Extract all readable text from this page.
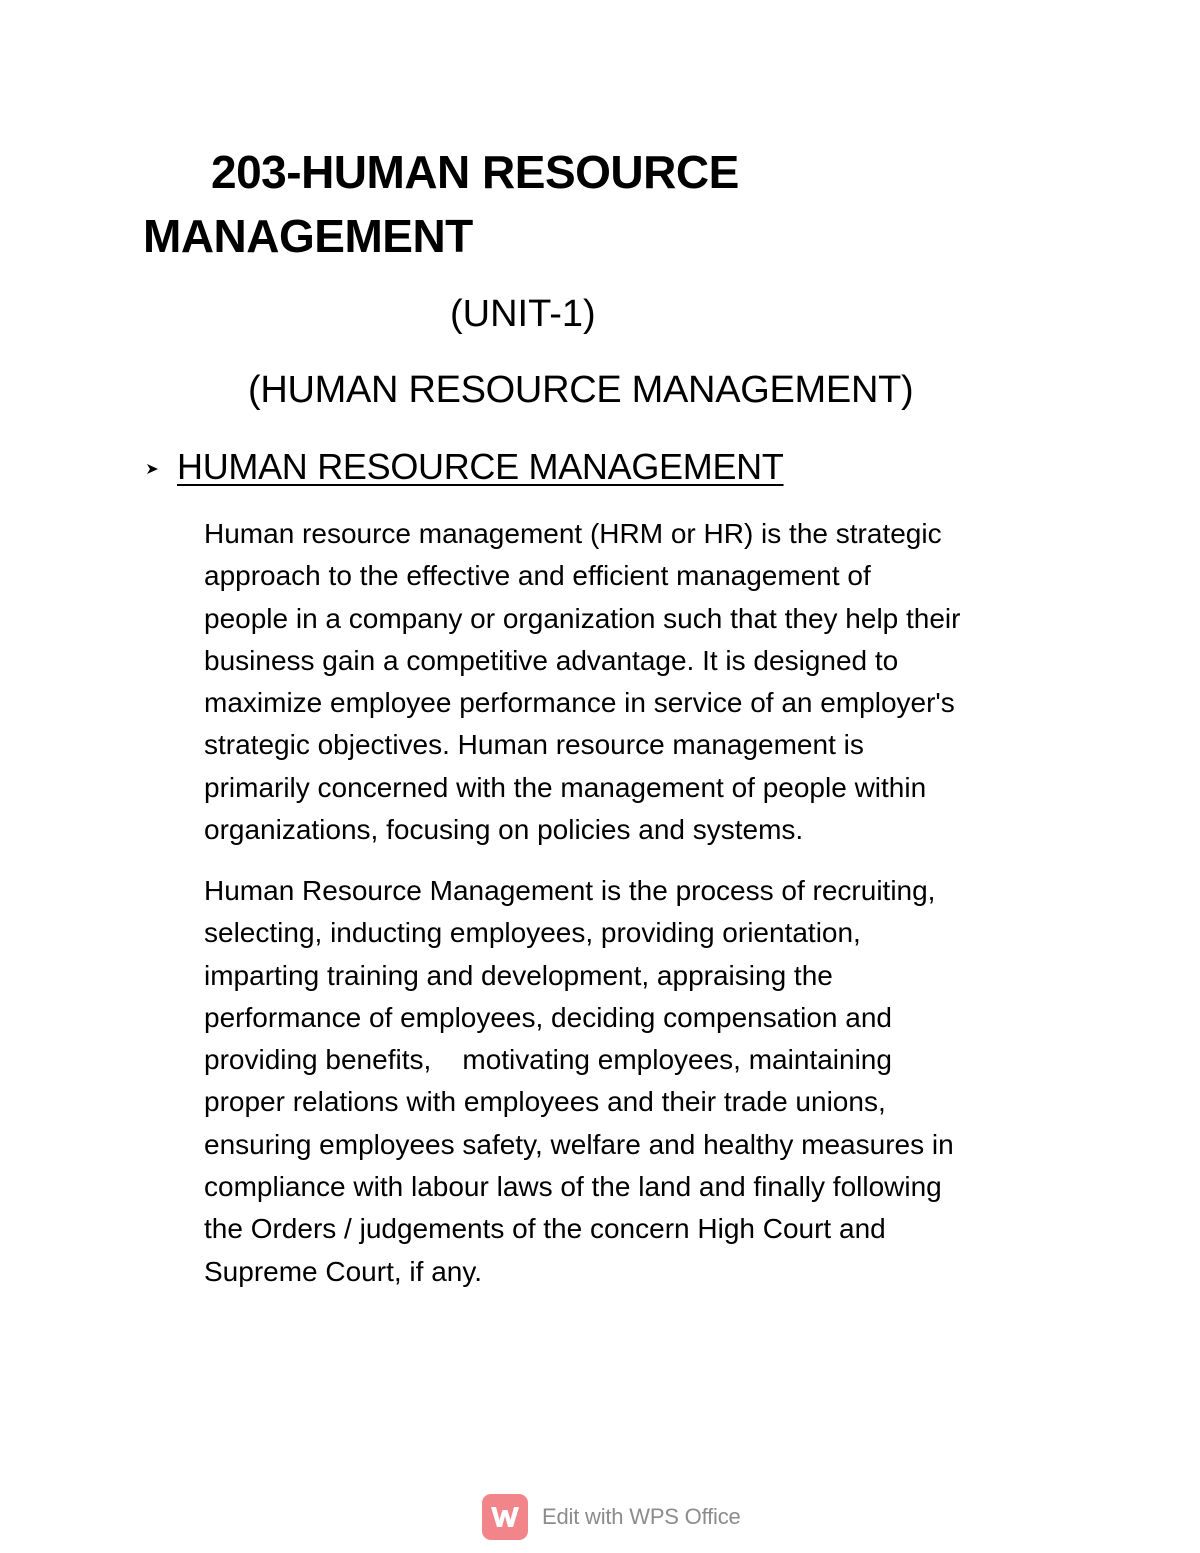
203-HUMAN RESOURCE
MANAGEMENT
(UNIT-1)
(HUMAN RESOURCE MANAGEMENT)
HUMAN RESOURCE MANAGEMENT

Human resource management (HRM or HR) is the strategic
approach to the effective and efficient management of
people in a company or organization such that they help their
business gain a competitive advantage. It is designed to
maximize employee performance in service of an employer's
strategic objectives. Human resource management is
primarily concerned with the management of people within
organizations, focusing on policies and systems.

Human Resource Management is the process of recruiting,
selecting, inducting employees, providing orientation,
imparting training and development, appraising the
performance of employees, deciding compensation and
providing benefits,    motivating employees, maintaining
proper relations with employees and their trade unions,
ensuring employees safety, welfare and healthy measures in
compliance with labour laws of the land and finally following
the Orders / judgements of the concern High Court and
Supreme Court, if any.

Edit with WPS Office
